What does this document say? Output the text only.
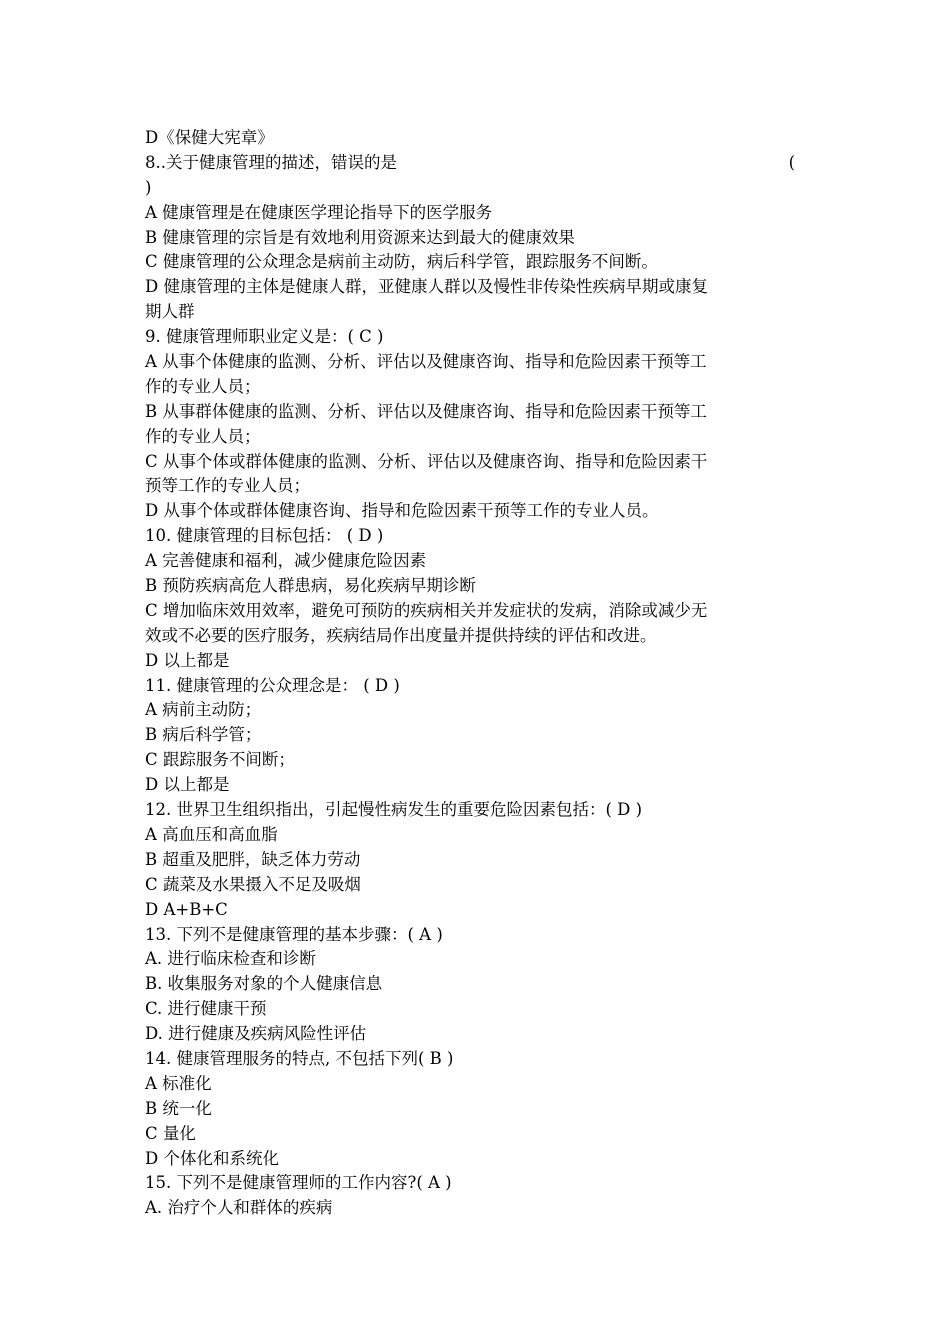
D《保健大宪章》
8..关于健康管理的描述，错误的是	(
)
A 健康管理是在健康医学理论指导下的医学服务
B 健康管理的宗旨是有效地利用资源来达到最大的健康效果
C 健康管理的公众理念是病前主动防，病后科学管，跟踪服务不间断。
D 健康管理的主体是健康人群，亚健康人群以及慢性非传染性疾病早期或康复
期人群
9. 健康管理师职业定义是：( C )
A 从事个体健康的监测、分析、评估以及健康咨询、指导和危险因素干预等工
作的专业人员；
B 从事群体健康的监测、分析、评估以及健康咨询、指导和危险因素干预等工
作的专业人员；
C 从事个体或群体健康的监测、分析、评估以及健康咨询、指导和危险因素干
预等工作的专业人员；
D 从事个体或群体健康咨询、指导和危险因素干预等工作的专业人员。
10. 健康管理的目标包括： ( D )
A 完善健康和福利，减少健康危险因素
B 预防疾病高危人群患病，易化疾病早期诊断
C 增加临床效用效率，避免可预防的疾病相关并发症状的发病，消除或减少无
效或不必要的医疗服务，疾病结局作出度量并提供持续的评估和改进。
D 以上都是
11. 健康管理的公众理念是： ( D )
A 病前主动防；
B 病后科学管；
C 跟踪服务不间断；
D 以上都是
12. 世界卫生组织指出，引起慢性病发生的重要危险因素包括：( D )
A 高血压和高血脂
B 超重及肥胖，缺乏体力劳动
C 蔬菜及水果摄入不足及吸烟
D A+B+C
13. 下列不是健康管理的基本步骤：( A )
A. 进行临床检查和诊断
B. 收集服务对象的个人健康信息
C. 进行健康干预
D. 进行健康及疾病风险性评估
14. 健康管理服务的特点, 不包括下列( B )
A 标准化
B 统一化
C 量化
D 个体化和系统化
15. 下列不是健康管理师的工作内容?( A )
A. 治疗个人和群体的疾病
